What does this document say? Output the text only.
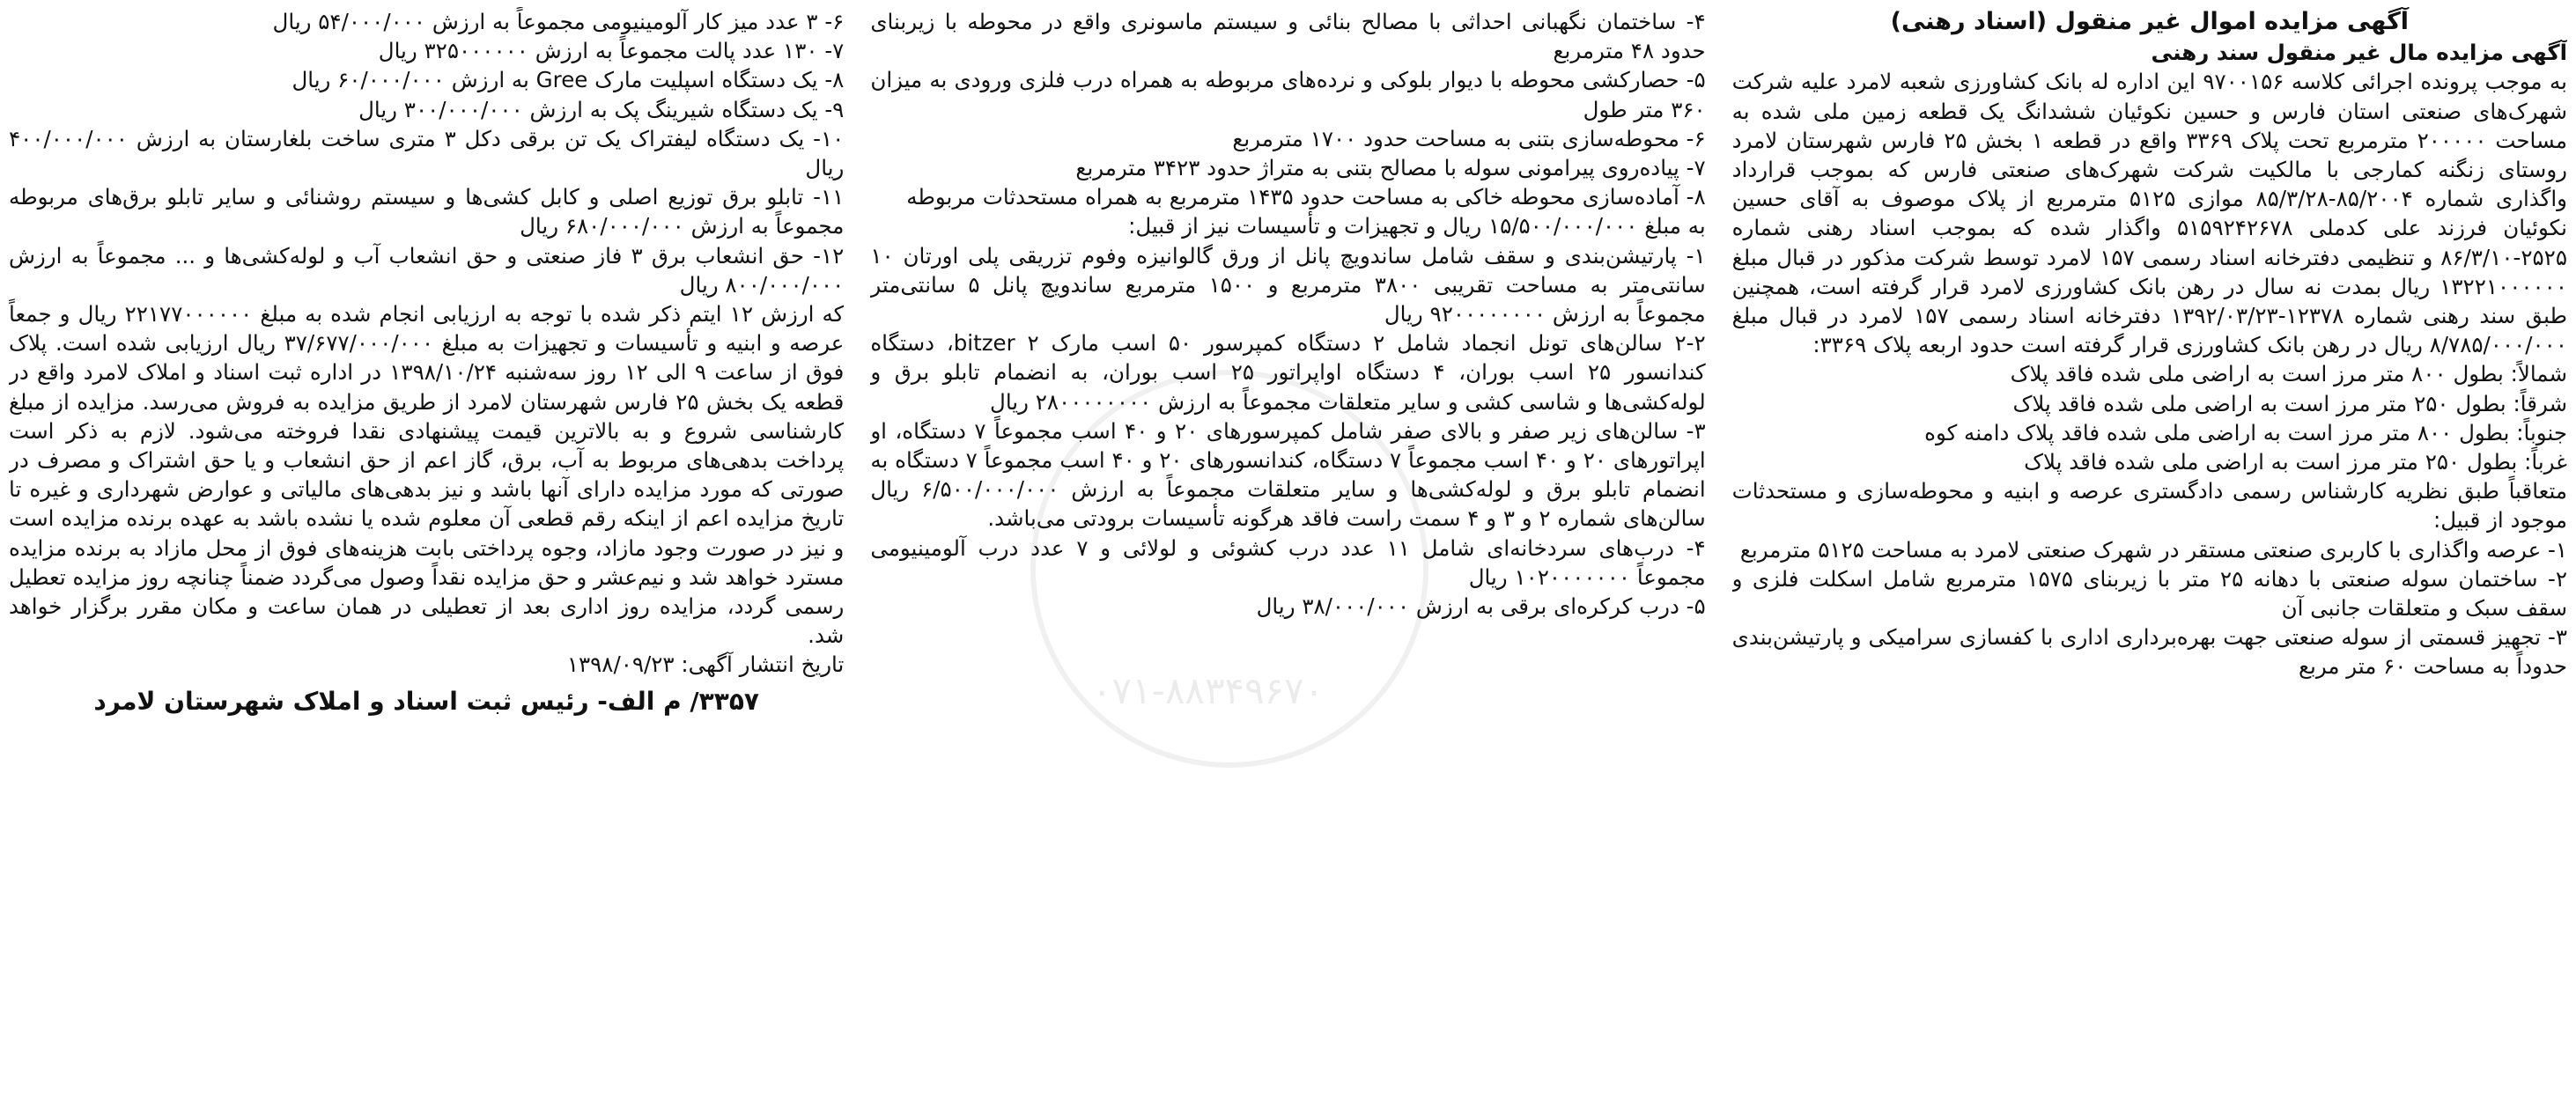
۰۷۱-۸۸۳۴۹۶۷۰

آگهی مزایده اموال غیر منقول (اسناد رهنی)

آگهی مزایده مال غیر منقول سند رهنی

به موجب پرونده اجرائی کلاسه ۹۷۰۰۱۵۶ این اداره له بانک کشاورزی شعبه لامرد علیه شرکت شهرک‌های صنعتی استان فارس و حسین نکوئیان ششدانگ یک قطعه زمین ملی شده به مساحت ۲۰۰۰۰۰ مترمربع تحت پلاک ۳۳۶۹ واقع در قطعه ۱ بخش ۲۵ فارس شهرستان لامرد روستای زنگنه کمارجی با مالکیت شرکت شهرک‌های صنعتی فارس که بموجب قرارداد واگذاری شماره ۸۵/۲۰۰۴-۸۵/۳/۲۸ موازی ۵۱۲۵ مترمربع از پلاک موصوف به آقای حسین نکوئیان فرزند علی کدملی ۵۱۵۹۲۴۲۶۷۸ واگذار شده که بموجب اسناد رهنی شماره ۲۵۲۵-۸۶/۳/۱۰ و تنظیمی دفترخانه اسناد رسمی ۱۵۷ لامرد توسط شرکت مذکور در قبال مبلغ ۱۳۲۲۱۰۰۰۰۰۰ ریال بمدت نه سال در رهن بانک کشاورزی لامرد قرار گرفته است، همچنین طبق سند رهنی شماره ۱۲۳۷۸-۱۳۹۲/۰۳/۲۳ دفترخانه اسناد رسمی ۱۵۷ لامرد در قبال مبلغ ۸/۷۸۵/۰۰۰/۰۰۰ ریال در رهن بانک کشاورزی قرار گرفته است حدود اربعه پلاک ۳۳۶۹:

شمالاً: بطول ۸۰۰ متر مرز است به اراضی ملی شده فاقد پلاک

شرقاً: بطول ۲۵۰ متر مرز است به اراضی ملی شده فاقد پلاک

جنوباً: بطول ۸۰۰ متر مرز است به اراضی ملی شده فاقد پلاک دامنه کوه

غرباً: بطول ۲۵۰ متر مرز است به اراضی ملی شده فاقد پلاک

متعاقباً طبق نظریه کارشناس رسمی دادگستری عرصه و ابنیه و محوطه‌سازی و مستحدثات موجود از قبیل:

۱- عرصه واگذاری با کاربری صنعتی مستقر در شهرک صنعتی لامرد به مساحت ۵۱۲۵ مترمربع

۲- ساختمان سوله صنعتی با دهانه ۲۵ متر با زیربنای ۱۵۷۵ مترمربع شامل اسکلت فلزی و سقف سبک و متعلقات جانبی آن

۳- تجهیز قسمتی از سوله صنعتی جهت بهره‌برداری اداری با کفسازی سرامیکی و پارتیشن‌بندی حدوداً به مساحت ۶۰ متر مربع

۴- ساختمان نگهبانی احداثی با مصالح بنائی و سیستم ماسونری واقع در محوطه با زیربنای حدود ۴۸ مترمربع

۵- حصارکشی محوطه با دیوار بلوکی و نرده‌های مربوطه به همراه درب فلزی ورودی به میزان ۳۶۰ متر طول

۶- محوطه‌سازی بتنی به مساحت حدود ۱۷۰۰ مترمربع

۷- پیاده‌روی پیرامونی سوله با مصالح بتنی به متراژ حدود ۳۴۲۳ مترمربع

۸- آماده‌سازی محوطه خاکی به مساحت حدود ۱۴۳۵ مترمربع به همراه مستحدثات مربوطه

به مبلغ ۱۵/۵۰۰/۰۰۰/۰۰۰ ریال و تجهیزات و تأسیسات نیز از قبیل:

۱- پارتیشن‌بندی و سقف شامل ساندویچ پانل از ورق گالوانیزه وفوم تزریقی پلی اورتان ۱۰ سانتی‌متر به مساحت تقریبی ۳۸۰۰ مترمربع و ۱۵۰۰ مترمربع ساندویچ پانل ۵ سانتی‌متر مجموعاً به ارزش ۹۲۰۰۰۰۰۰۰۰ ریال

۲-۲ سالن‌های تونل انجماد شامل ۲ دستگاه کمپرسور ۵۰ اسب مارک bitzer ۲، دستگاه کندانسور ۲۵ اسب بوران، ۴ دستگاه اواپراتور ۲۵ اسب بوران، به انضمام تابلو برق و لوله‌کشی‌ها و شاسی کشی و سایر متعلقات مجموعاً به ارزش ۲۸۰۰۰۰۰۰۰۰ ریال

۳- سالن‌های زیر صفر و بالای صفر شامل کمپرسورهای ۲۰ و ۴۰ اسب مجموعاً ۷ دستگاه، او اپراتورهای ۲۰ و ۴۰ اسب مجموعاً ۷ دستگاه، کندانسورهای ۲۰ و ۴۰ اسب مجموعاً ۷ دستگاه به انضمام تابلو برق و لوله‌کشی‌ها و سایر متعلقات مجموعاً به ارزش ۶/۵۰۰/۰۰۰/۰۰۰ ریال سالن‌های شماره ۲ و ۳ و ۴ سمت راست فاقد هرگونه تأسیسات برودتی می‌باشد.

۴- درب‌های سردخانه‌ای شامل ۱۱ عدد درب کشوئی و لولائی و ۷ عدد درب آلومینیومی مجموعاً ۱۰۲۰۰۰۰۰۰۰ ریال

۵- درب کرکره‌ای برقی به ارزش ۳۸/۰۰۰/۰۰۰ ریال

۶- ۳ عدد میز کار آلومینیومی مجموعاً به ارزش ۵۴/۰۰۰/۰۰۰ ریال

۷- ۱۳۰ عدد پالت مجموعاً به ارزش ۳۲۵۰۰۰۰۰۰ ریال

۸- یک دستگاه اسپلیت مارک Gree به ارزش ۶۰/۰۰۰/۰۰۰ ریال

۹- یک دستگاه شیرینگ پک به ارزش ۳۰۰/۰۰۰/۰۰۰ ریال

۱۰- یک دستگاه لیفتراک یک تن برقی دکل ۳ متری ساخت بلغارستان به ارزش ۴۰۰/۰۰۰/۰۰۰ ریال

۱۱- تابلو برق توزیع اصلی و کابل کشی‌ها و سیستم روشنائی و سایر تابلو برق‌های مربوطه مجموعاً به ارزش ۶۸۰/۰۰۰/۰۰۰ ریال

۱۲- حق انشعاب برق ۳ فاز صنعتی و حق انشعاب آب و لوله‌کشی‌ها و ... مجموعاً به ارزش ۸۰۰/۰۰۰/۰۰۰ ریال

که ارزش ۱۲ ایتم ذکر شده با توجه به ارزیابی انجام شده به مبلغ ۲۲۱۷۷۰۰۰۰۰۰ ریال و جمعاً عرصه و ابنیه و تأسیسات و تجهیزات به مبلغ ۳۷/۶۷۷/۰۰۰/۰۰۰ ریال ارزیابی شده است. پلاک فوق از ساعت ۹ الی ۱۲ روز سه‌شنبه ۱۳۹۸/۱۰/۲۴ در اداره ثبت اسناد و املاک لامرد واقع در قطعه یک بخش ۲۵ فارس شهرستان لامرد از طریق مزایده به فروش می‌رسد. مزایده از مبلغ کارشناسی شروع و به بالاترین قیمت پیشنهادی نقدا فروخته می‌شود. لازم به ذکر است پرداخت بدهی‌های مربوط به آب، برق، گاز اعم از حق انشعاب و یا حق اشتراک و مصرف در صورتی که مورد مزایده دارای آنها باشد و نیز بدهی‌های مالیاتی و عوارض شهرداری و غیره تا تاریخ مزایده اعم از اینکه رقم قطعی آن معلوم شده یا نشده باشد به عهده برنده مزایده است و نیز در صورت وجود مازاد، وجوه پرداختی بابت هزینه‌های فوق از محل مازاد به برنده مزایده مسترد خواهد شد و نیم‌عشر و حق مزایده نقداً وصول می‌گردد ضمناً چنانچه روز مزایده تعطیل رسمی گردد، مزایده روز اداری بعد از تعطیلی در همان ساعت و مکان مقرر برگزار خواهد شد.

تاریخ انتشار آگهی: ۱۳۹۸/۰۹/۲۳

۳۳۵۷/ م الف- رئیس ثبت اسناد و املاک شهرستان لامرد
